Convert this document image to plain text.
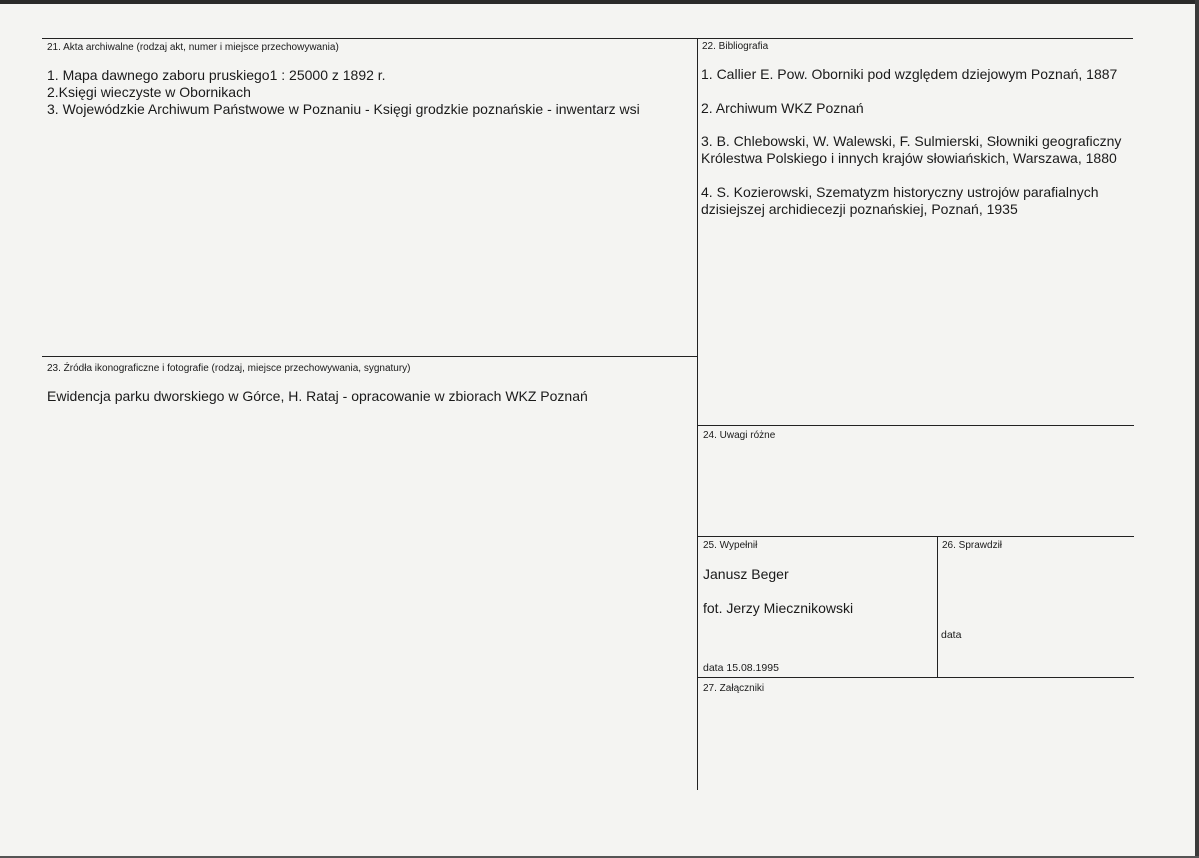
21. Akta archiwalne (rodzaj akt, numer i miejsce przechowywania)
1. Mapa dawnego zaboru pruskiego1 : 25000 z 1892 r.
2.Księgi wieczyste w Obornikach
3. Wojewódzkie Archiwum Państwowe w Poznaniu - Księgi grodzkie poznańskie - inwentarz wsi
22. Bibliografia
1. Callier E. Pow. Oborniki pod względem dziejowym Poznań, 1887
2. Archiwum WKZ Poznań
3. B. Chlebowski, W. Walewski, F. Sulmierski, Słowniki geograficzny
Królestwa Polskiego i innych krajów słowiańskich, Warszawa, 1880
4. S. Kozierowski, Szematyzm historyczny ustrojów parafialnych
dzisiejszej archidiecezji poznańskiej, Poznań, 1935
23. Źródła ikonograficzne i fotografie (rodzaj, miejsce przechowywania, sygnatury)
Ewidencja parku dworskiego w Górce, H. Rataj - opracowanie w zbiorach WKZ Poznań
24. Uwagi różne
25. Wypełnił
Janusz Beger
fot. Jerzy Miecznikowski
data 15.08.1995
26. Sprawdził
data
27. Załączniki
